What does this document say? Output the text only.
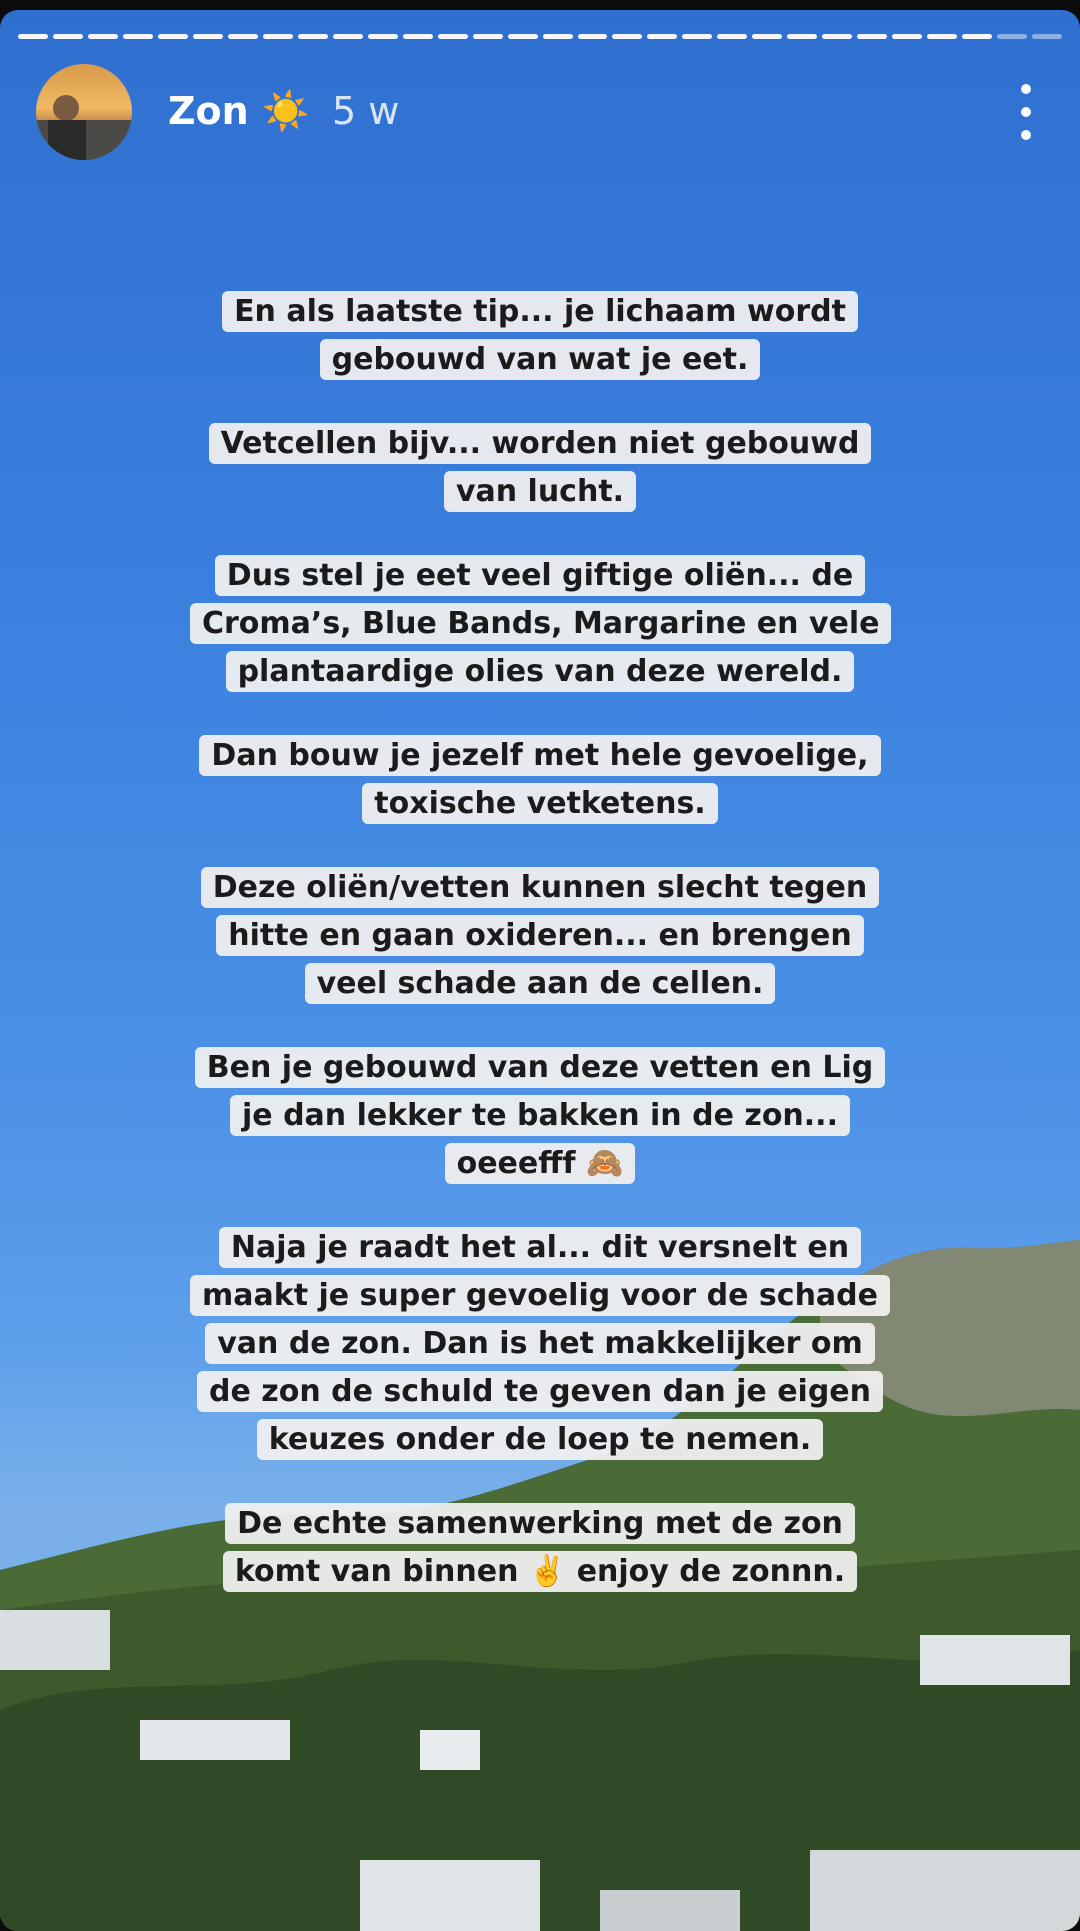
Zon ☀️ 5 w

En als laatste tip... je lichaam wordt gebouwd van wat je eet.

Vetcellen bijv... worden niet gebouwd van lucht.

Dus stel je eet veel giftige oliën... de Croma’s, Blue Bands, Margarine en vele plantaardige olies van deze wereld.

Dan bouw je jezelf met hele gevoelige, toxische vetketens.

Deze oliën/vetten kunnen slecht tegen hitte en gaan oxideren... en brengen veel schade aan de cellen.

Ben je gebouwd van deze vetten en Lig je dan lekker te bakken in de zon... oeeefff 🙈

Naja je raadt het al... dit versnelt en maakt je super gevoelig voor de schade van de zon. Dan is het makkelijker om de zon de schuld te geven dan je eigen keuzes onder de loep te nemen.

De echte samenwerking met de zon komt van binnen ✌️ enjoy de zonnn.
